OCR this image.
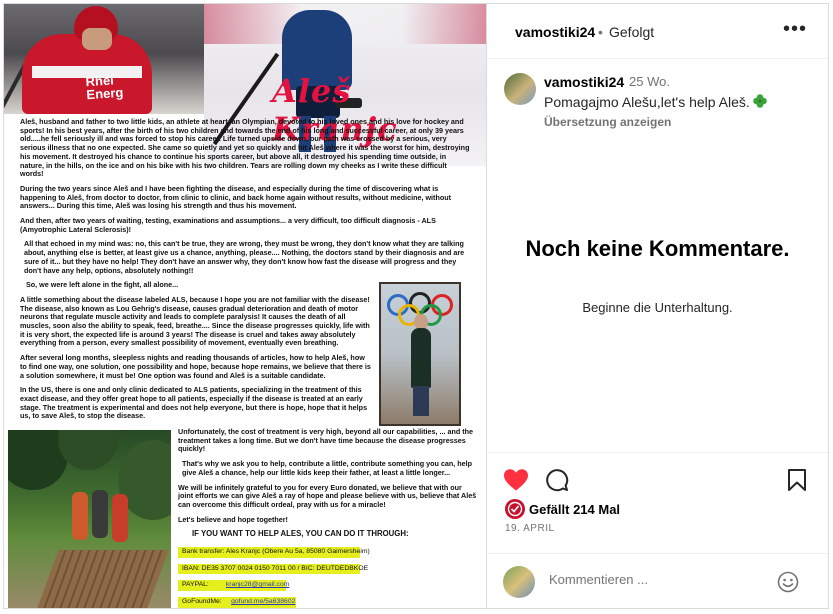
Rhei
Energ	Aleš Kranjc

Aleš, husband and father to two little kids, an athlete at heart, an Olympian, devoted to his loved ones and his love for hockey and sports! In his best years, after the birth of his two children and towards the end of his long and successful career, at only 39 years old.....he fell seriously ill and was forced to stop his career. Life turned upside down, our path was crossed by a serious, very serious illness that no one expected. She came so quietly and yet so quickly and hit Aleš where it was the worst for him, destroying his movement. It destroyed his chance to continue his sports career, but above all, it destroyed his spending time outside, in nature, in the hills, on the ice and on his bike with his two children. Tears are rolling down my cheeks as I write these difficult words!

During the two years since Aleš and I have been fighting the disease, and especially during the time of discovering what is happening to Aleš, from doctor to doctor, from clinic to clinic, and back home again without results, without medicine, without answers... During this time, Aleš was losing his strength and thus his movement.

And then, after two years of waiting, testing, examinations and assumptions... a very difficult, too difficult diagnosis - ALS (Amyotrophic Lateral Sclerosis)!

All that echoed in my mind was: no, this can't be true, they are wrong, they must be wrong, they don't know what they are talking about, anything else is better, at least give us a chance, anything, please.... Nothing, the doctors stand by their diagnosis and are sure of it... but they have no help! They don't have an answer why, they don't know how fast the disease will progress and they don't have any help, options, absolutely nothing!!

So, we were left alone in the fight, all alone...

A little something about the disease labeled ALS, because I hope you are not familiar with the disease! The disease, also known as Lou Gehrig's disease, causes gradual deterioration and death of motor neurons that regulate muscle activity and leads to complete paralysis! It causes the death of all muscles, soon also the ability to speak, feed, breathe.... Since the disease progresses quickly, life with it is very short, the expected life is around 3 years! The disease is cruel and takes away absolutely everything from a person, every smallest possibility of movement, eventually even breathing.

After several long months, sleepless nights and reading thousands of articles, how to help Aleš, how to find one way, one solution, one possibility and hope, because hope remains, we believe that there is a solution somewhere, it must be! One option was found and Aleš is a suitable candidate.

In the US, there is one and only clinic dedicated to ALS patients, specializing in the treatment of this exact disease, and they offer great hope to all patients, especially if the disease is treated at an early stage. The treatment is experimental and does not help everyone, but there is hope, hope that it helps us, to save Aleš, to stop the disease.

Unfortunately, the cost of treatment is very high, beyond all our capabilities, ... and the treatment takes a long time. But we don't have time because the disease progresses quickly!

That's why we ask you to help, contribute a little, contribute something you can, help give Aleš a chance, help our little kids keep their father, at least a little longer...

We will be infinitely grateful to you for every Euro donated, we believe that with our joint efforts we can give Aleš a ray of hope and please believe with us, believe that Aleš can overcome this difficult ordeal, pray with us for a miracle!

Let's believe and hope together!

IF YOU WANT TO HELP ALES, YOU CAN DO IT THROUGH:
Bank transfer: Ales Kranjc (Obere Au 5a, 85080 Gaimersheim)
IBAN: DE35 3707 0024 0150 7011 00 / BIC: DEUTDEDBKOE
PAYPAL:         kranjc28@gmail.com
GoFoundMe:     gofund.me/5a638602
vamostiki24 • Gefolgt	•••
vamostiki24 25 Wo.
Pomagajmo Alešu,let's help Aleš.
Übersetzung anzeigen
Noch keine Kommentare.
Beginne die Unterhaltung.
Gefällt 214 Mal
19. APRIL
Kommentieren ...
